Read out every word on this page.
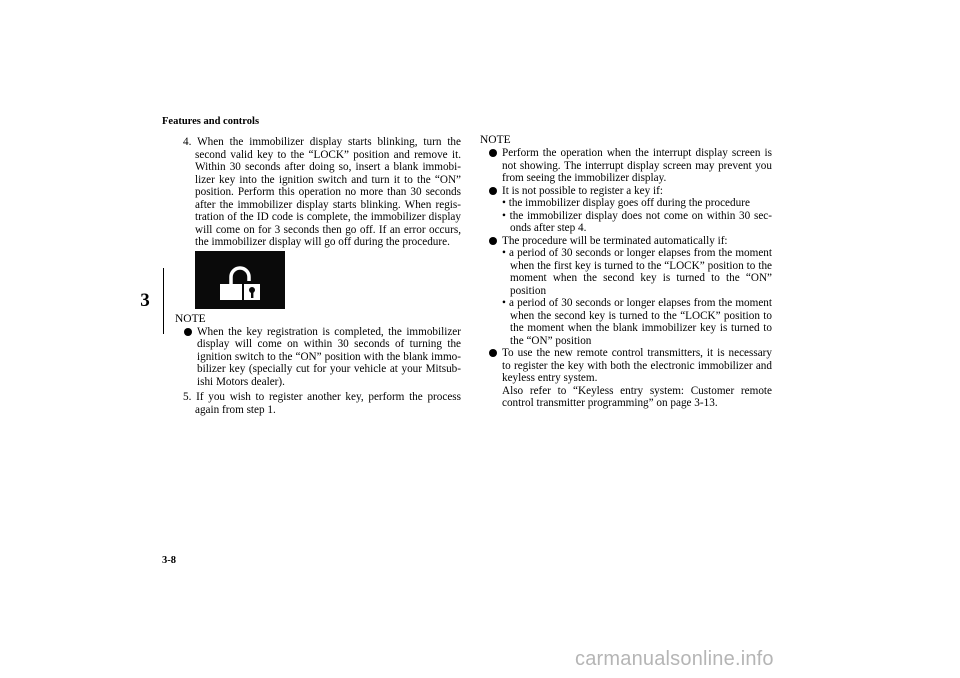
Features and controls
3

4. When the immobilizer display starts blinking, turn the second valid key to the “LOCK” position and remove it. Within 30 seconds after doing so, insert a blank immobi-lizer key into the ignition switch and turn it to the “ON” position. Perform this operation no more than 30 seconds after the immobilizer display starts blinking. When regis-tration of the ID code is complete, the immobilizer display will come on for 3 seconds then go off. If an error occurs, the immobilizer display will go off during the procedure.

NOTE
When the key registration is completed, the immobilizer display will come on within 30 seconds of turning the ignition switch to the “ON” position with the blank immo-bilizer key (specially cut for your vehicle at your Mitsub-ishi Motors dealer).

5. If you wish to register another key, perform the process again from step 1.

NOTE
Perform the operation when the interrupt display screen is not showing. The interrupt display screen may prevent you from seeing the immobilizer display.
It is not possible to register a key if:

• the immobilizer display goes off during the procedure

• the immobilizer display does not come on within 30 sec-onds after step 4.

The procedure will be terminated automatically if:

• a period of 30 seconds or longer elapses from the moment when the first key is turned to the “LOCK” position to the moment when the second key is turned to the “ON” position

• a period of 30 seconds or longer elapses from the moment when the second key is turned to the “LOCK” position to the moment when the blank immobilizer key is turned to the “ON” position

To use the new remote control transmitters, it is necessary to register the key with both the electronic immobilizer and keyless entry system.
Also refer to “Keyless entry system: Customer remote control transmitter programming” on page 3-13.
3-8
carmanualsonline.info
